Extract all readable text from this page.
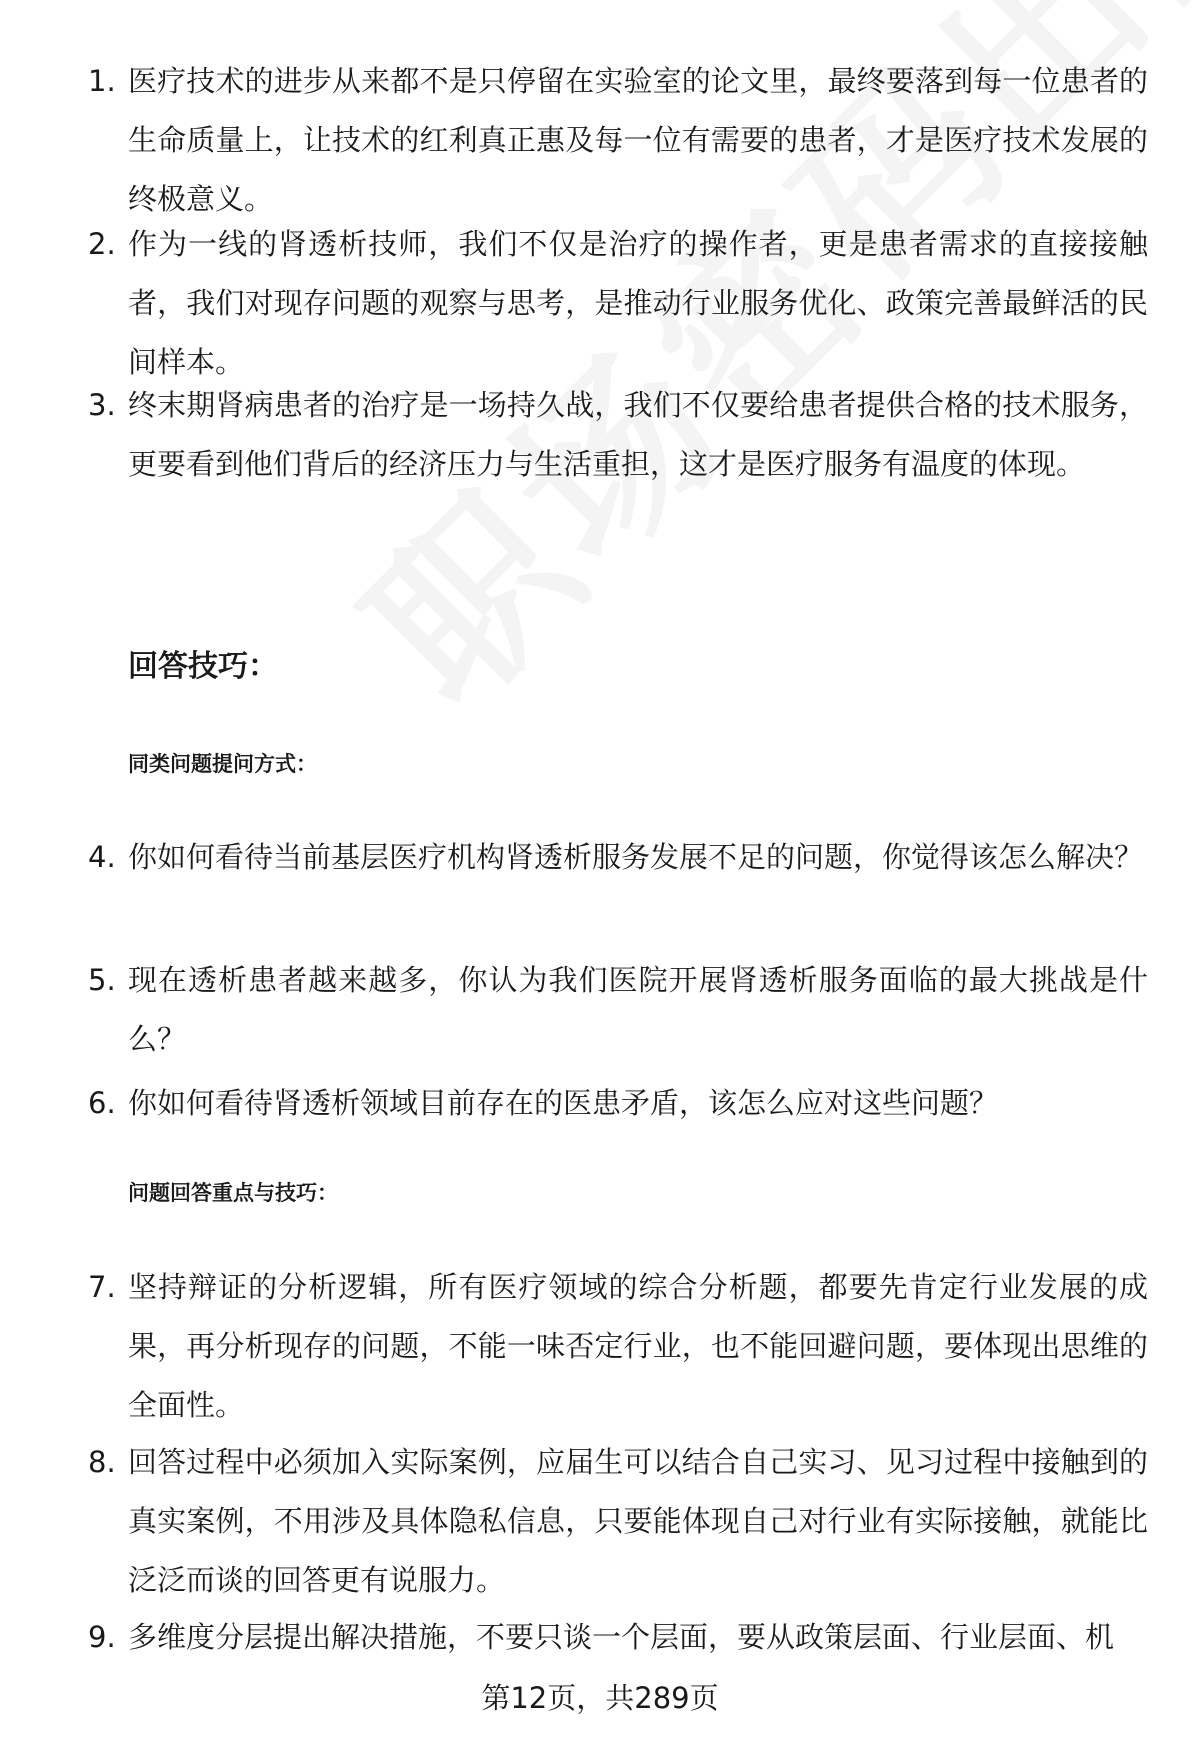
1. 医疗技术的进步从来都不是只停留在实验室的论文里，最终要落到每一位患者的生命质量上，让技术的红利真正惠及每一位有需要的患者，才是医疗技术发展的终极意义。
2. 作为一线的肾透析技师，我们不仅是治疗的操作者，更是患者需求的直接接触者，我们对现存问题的观察与思考，是推动行业服务优化、政策完善最鲜活的民间样本。
3. 终末期肾病患者的治疗是一场持久战，我们不仅要给患者提供合格的技术服务，更要看到他们背后的经济压力与生活重担，这才是医疗服务有温度的体现。
回答技巧：
同类问题提问方式：
4. 你如何看待当前基层医疗机构肾透析服务发展不足的问题，你觉得该怎么解决？
5. 现在透析患者越来越多，你认为我们医院开展肾透析服务面临的最大挑战是什么？
6. 你如何看待肾透析领域目前存在的医患矛盾，该怎么应对这些问题？
问题回答重点与技巧：
7. 坚持辩证的分析逻辑，所有医疗领域的综合分析题，都要先肯定行业发展的成果，再分析现存的问题，不能一味否定行业，也不能回避问题，要体现出思维的全面性。
8. 回答过程中必须加入实际案例，应届生可以结合自己实习、见习过程中接触到的真实案例，不用涉及具体隐私信息，只要能体现自己对行业有实际接触，就能比泛泛而谈的回答更有说服力。
9. 多维度分层提出解决措施，不要只谈一个层面，要从政策层面、行业层面、机
第12页，共289页
